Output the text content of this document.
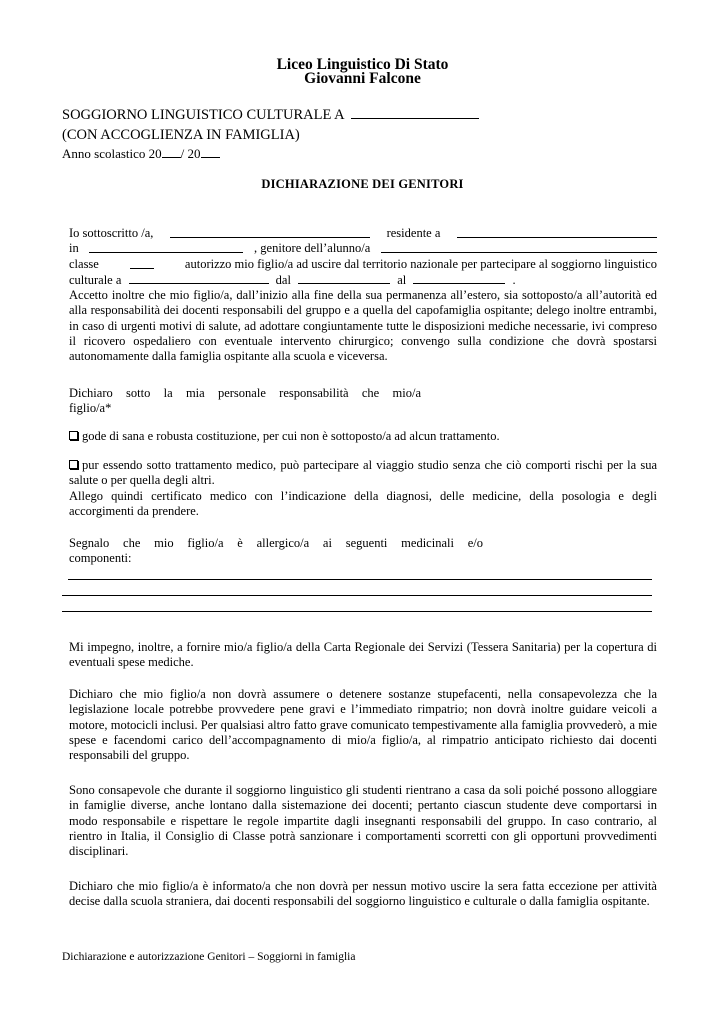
Liceo Linguistico Di Stato
Giovanni Falcone
SOGGIORNO LINGUISTICO CULTURALE A
(CON ACCOGLIENZA IN FAMIGLIA)
Anno scolastico 20 / 20
DICHIARAZIONE DEI GENITORI
Io sottoscritto /a,	residente a
in	, genitore dell’alunno/a
classe	autorizzo mio figlio/a ad uscire dal territorio nazionale per partecipare al soggiorno linguistico
culturale a	dal	al	.
Accetto inoltre che mio figlio/a, dall’inizio alla fine della sua permanenza all’estero, sia sottoposto/a all’autorità ed alla responsabilità dei docenti responsabili del gruppo e a quella del capofamiglia ospitante; delego inoltre entrambi, in caso di urgenti motivi di salute, ad adottare congiuntamente tutte le disposizioni mediche necessarie, ivi compreso il ricovero ospedaliero con eventuale intervento chirurgico; convengo sulla condizione che dovrà spostarsi autonomamente dalla famiglia ospitante alla scuola e viceversa.
Dichiaro sotto la mia personale responsabilità che mio/a
figlio/a*
gode di sana e robusta costituzione, per cui non è sottoposto/a ad alcun trattamento.
pur essendo sotto trattamento medico, può partecipare al viaggio studio senza che ciò comporti rischi per la sua salute o per quella degli altri.
Allego quindi certificato medico con l’indicazione della diagnosi, delle medicine, della posologia e degli accorgimenti da prendere.
Segnalo che mio figlio/a è allergico/a ai seguenti medicinali e/o
componenti:
Mi impegno, inoltre, a fornire mio/a figlio/a della Carta Regionale dei Servizi (Tessera Sanitaria) per la copertura di eventuali spese mediche.
Dichiaro che mio figlio/a non dovrà assumere o detenere sostanze stupefacenti, nella consapevolezza che la legislazione locale potrebbe provvedere pene gravi e l’immediato rimpatrio; non dovrà inoltre guidare veicoli a motore, motocicli inclusi. Per qualsiasi altro fatto grave comunicato tempestivamente alla famiglia provvederò, a mie spese e facendomi carico dell’accompagnamento di mio/a figlio/a, al rimpatrio anticipato richiesto dai docenti responsabili del gruppo.
Sono consapevole che durante il soggiorno linguistico gli studenti rientrano a casa da soli poiché possono alloggiare in famiglie diverse, anche lontano dalla sistemazione dei docenti; pertanto ciascun studente deve comportarsi in modo responsabile e rispettare le regole impartite dagli insegnanti responsabili del gruppo. In caso contrario, al rientro in Italia, il Consiglio di Classe potrà sanzionare i comportamenti scorretti con gli opportuni provvedimenti disciplinari.
Dichiaro che mio figlio/a è informato/a che non dovrà per nessun motivo uscire la sera fatta eccezione per attività decise dalla scuola straniera, dai docenti responsabili del soggiorno linguistico e culturale o dalla famiglia ospitante.
Dichiarazione e autorizzazione Genitori – Soggiorni in famiglia
